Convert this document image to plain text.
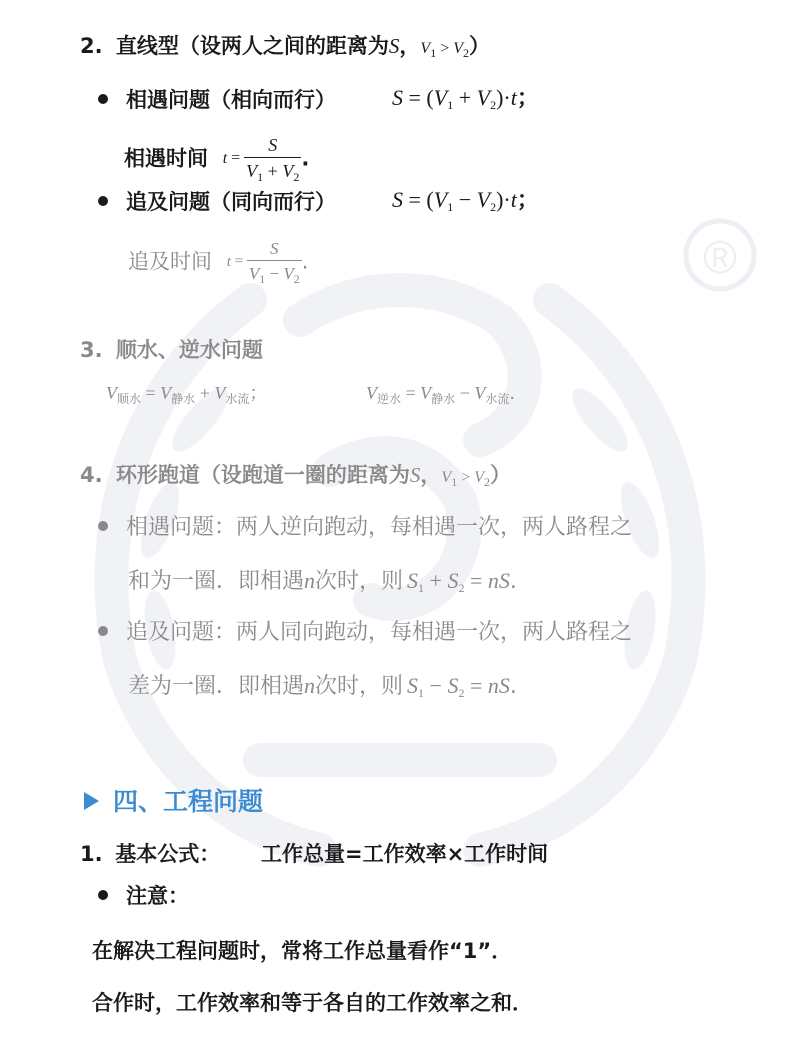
®
2. 直线型（设两人之间的距离为S，$V_1 > V_2$）
相遇问题（相向而行）	$S = (V_1 + V_2)\cdot t$；
相遇时间 $t = \frac{S}{V_1 + V_2}$ .
追及问题（同向而行）	$S = (V_1 - V_2)\cdot t$；
追及时间 $t = \frac{S}{V_1 - V_2}$ .
3. 顺水、逆水问题
$V_{顺水} = V_{静水} + V_{水流}$；	$V_{逆水} = V_{静水} - V_{水流}$.
4. 环形跑道（设跑道一圈的距离为S，$V_1 > V_2$）
相遇问题：两人逆向跑动，每相遇一次，两人路程之
和为一圈．即相遇n次时，则 $S_1 + S_2$ = nS.
追及问题：两人同向跑动，每相遇一次，两人路程之
差为一圈．即相遇n次时，则 $S_1 - S_2$ = nS.
四、工程问题
1. 基本公式： 工作总量=工作效率×工作时间
注意：
在解决工程问题时，常将工作总量看作“1”．
合作时，工作效率和等于各自的工作效率之和．
